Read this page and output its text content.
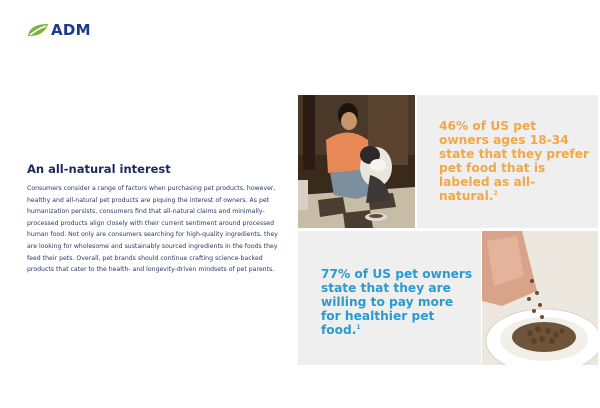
ADM
An all-natural interest
Consumers consider a range of factors when purchasing pet products, however, healthy and all-natural pet products are piquing the interest of owners. As pet humanization persists, consumers find that all-natural claims and minimally-processed products align closely with their current sentiment around processed human food. Not only are consumers searching for high-quality ingredients, they are looking for wholesome and sustainably sourced ingredients in the foods they feed their pets. Overall, pet brands should continue crafting science-backed products that cater to the health- and longevity-driven mindsets of pet parents.
46% of US pet owners ages 18-34 state that they prefer pet food that is labeled as all-natural.$^2$
77% of US pet owners state that they are willing to pay more for healthier pet food.$^1$
